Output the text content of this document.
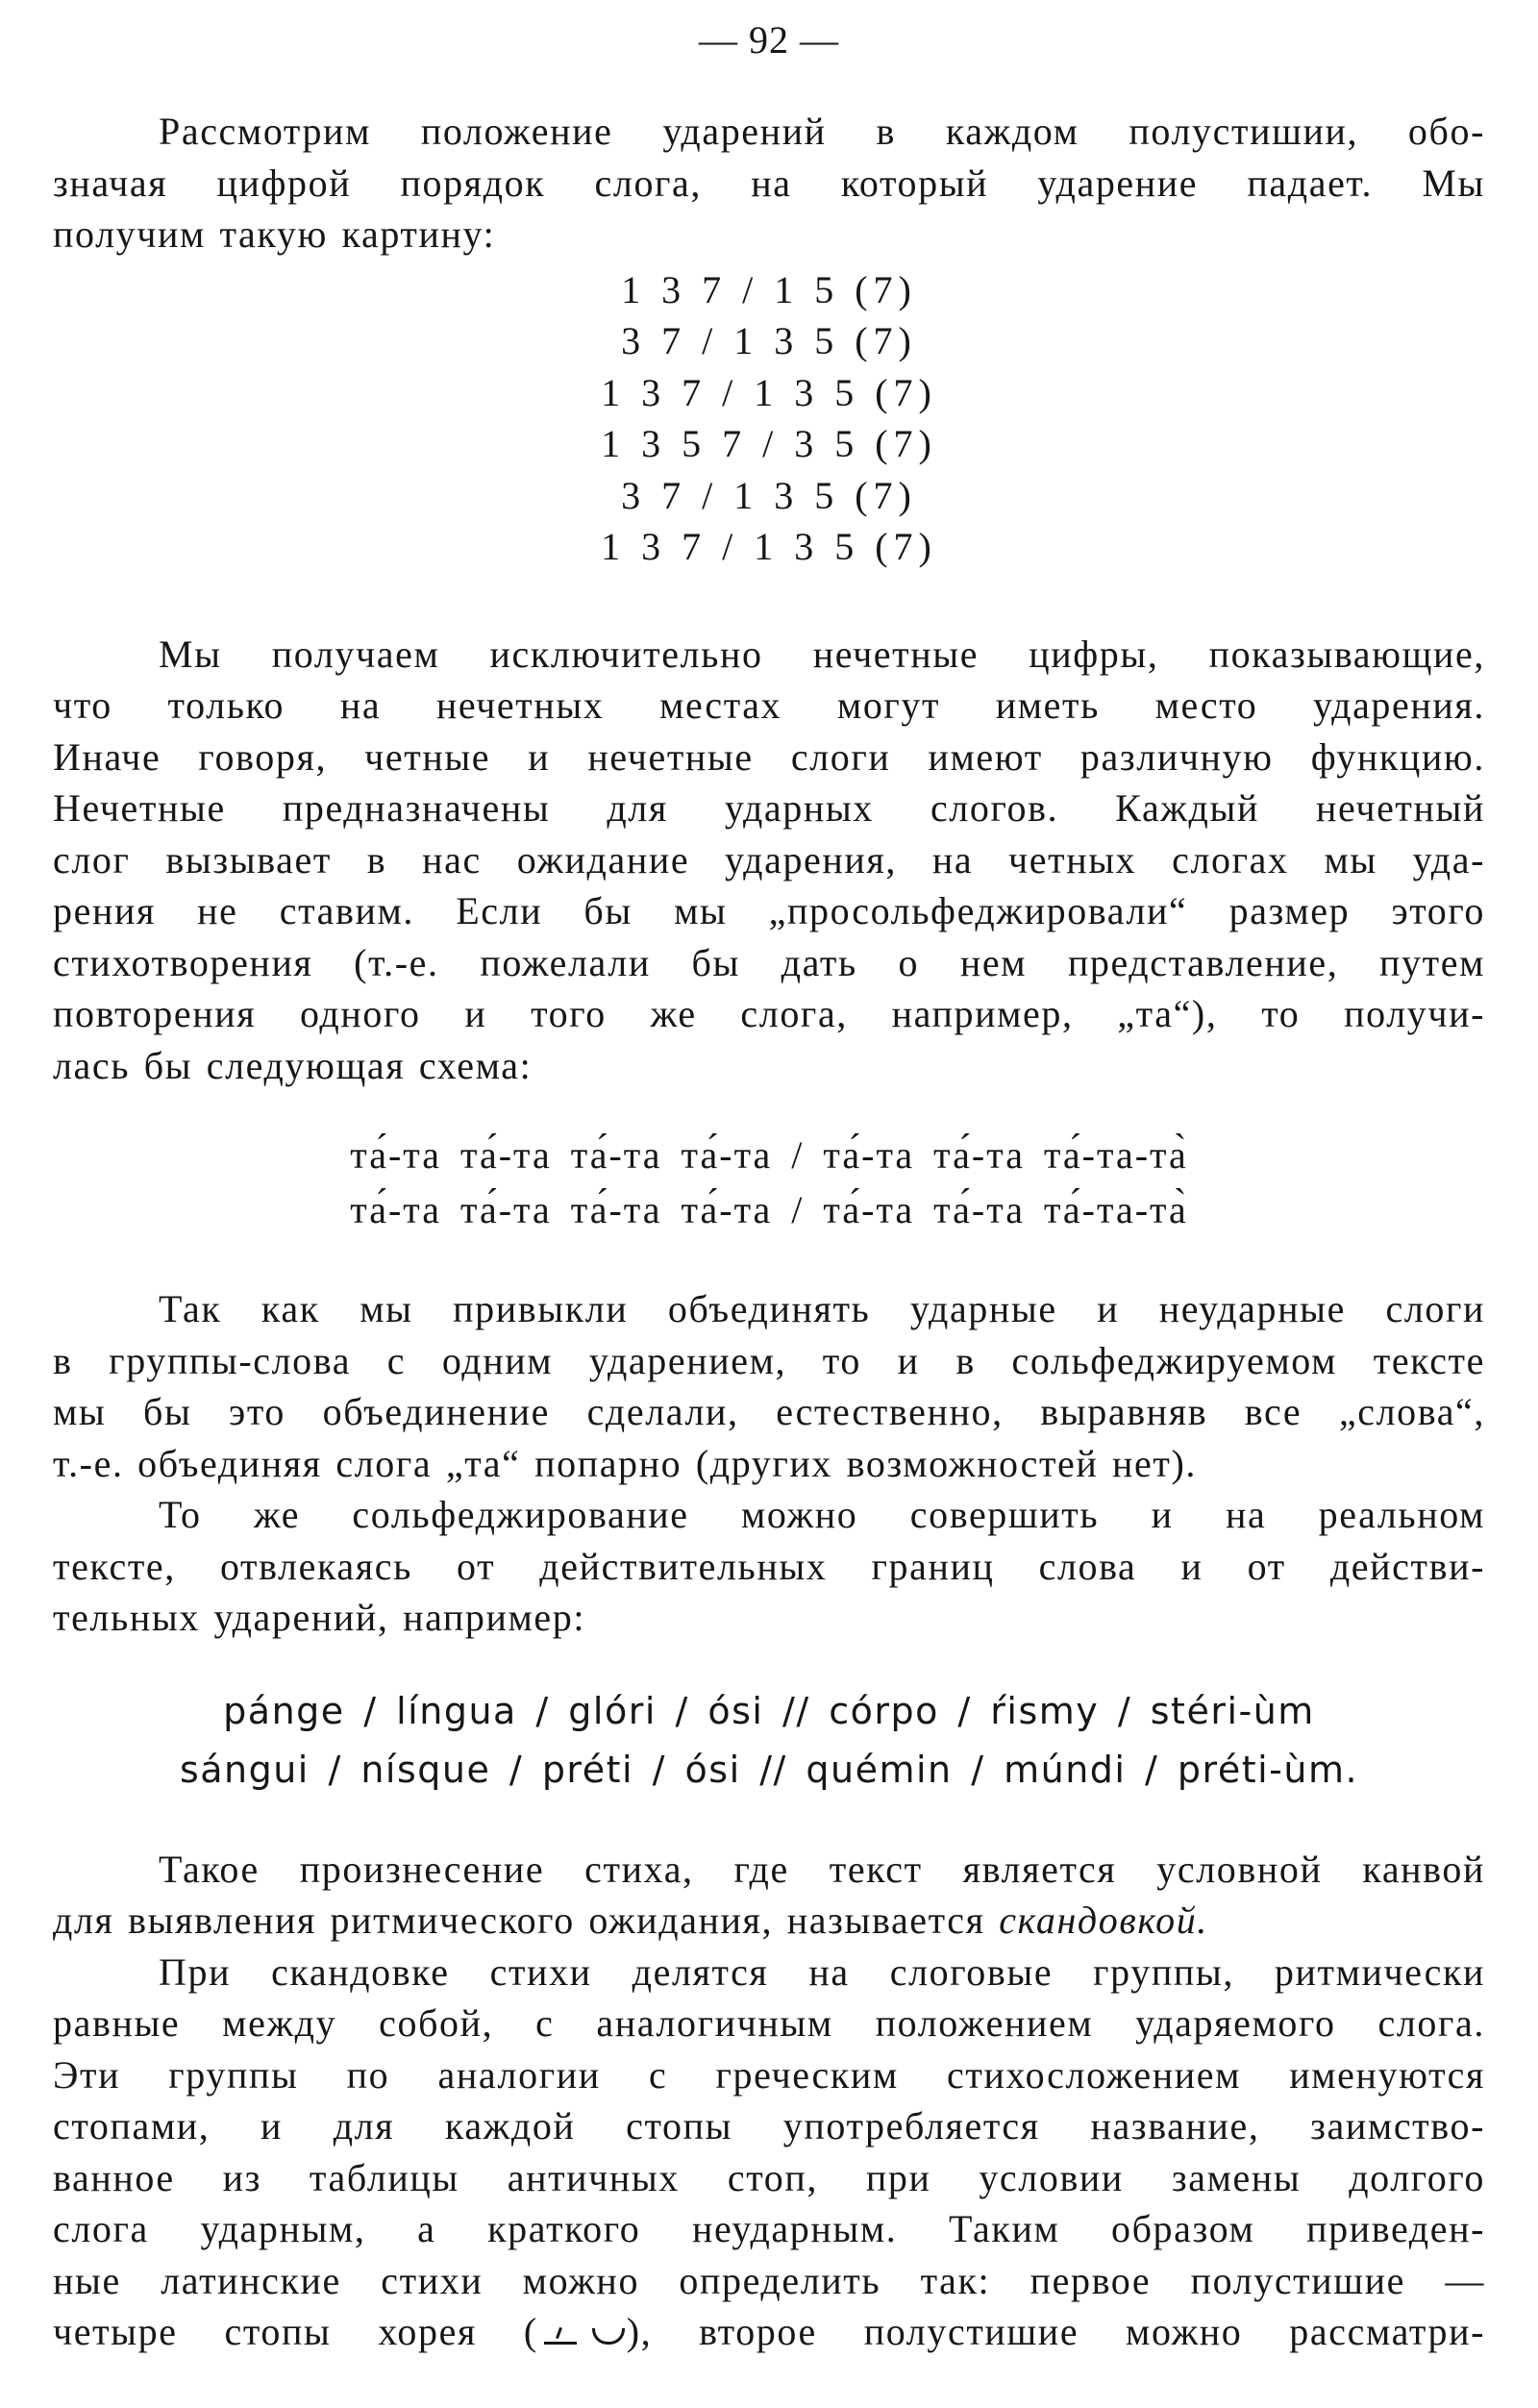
— 92 —

Рассмотрим положение ударений в каждом полустишии, обо-
значая цифрой порядок слога, на который ударение падает. Мы
получим такую картину:

1 3 7 / 1 5 (7)
3 7 / 1 3 5 (7)
1 3 7 / 1 3 5 (7)
1 3 5 7 / 3 5 (7)
3 7 / 1 3 5 (7)
1 3 7 / 1 3 5 (7)

Мы получаем исключительно нечетные цифры, показывающие,
что только на нечетных местах могут иметь место ударения.
Иначе говоря, четные и нечетные слоги имеют различную функцию.
Нечетные предназначены для ударных слогов. Каждый нечетный
слог вызывает в нас ожидание ударения, на четных слогах мы уда-
рения не ставим. Если бы мы „просольфеджировали“ размер этого
стихотворения (т.-е. пожелали бы дать о нем представление, путем
повторения одного и того же слога, например, „та“), то получи-
лась бы следующая схема:

та́-та та́-та та́-та та́-та / та́-та та́-та та́-та-та̀
та́-та та́-та та́-та та́-та / та́-та та́-та та́-та-та̀

Так как мы привыкли объединять ударные и неударные слоги
в группы-слова с одним ударением, то и в сольфеджируемом тексте
мы бы это объединение сделали, естественно, выравняв все „слова“,
т.-е. объединяя слога „та“ попарно (других возможностей нет).

То же сольфеджирование можно совершить и на реальном
тексте, отвлекаясь от действительных границ слова и от действи-
тельных ударений, например:

pánge / língua / glóri / ósi // córpo / ŕismy / stéri-ùm
sángui / nísque / préti / ósi // quémin / múndi / préti-ùm.

Такое произнесение стиха, где текст является условной канвой
для выявления ритмического ожидания, называется скандовкой.

При скандовке стихи делятся на слоговые группы, ритмически
равные между собой, с аналогичным положением ударяемого слога.
Эти группы по аналогии с греческим стихосложением именуются
стопами, и для каждой стопы употребляется название, заимство-
ванное из таблицы античных стоп, при условии замены долгого
слога ударным, а краткого неударным. Таким образом приведен-
ные латинские стихи можно определить так: первое полустишие —
четыре стопы хорея ( ), второе полустишие можно рассматри-
